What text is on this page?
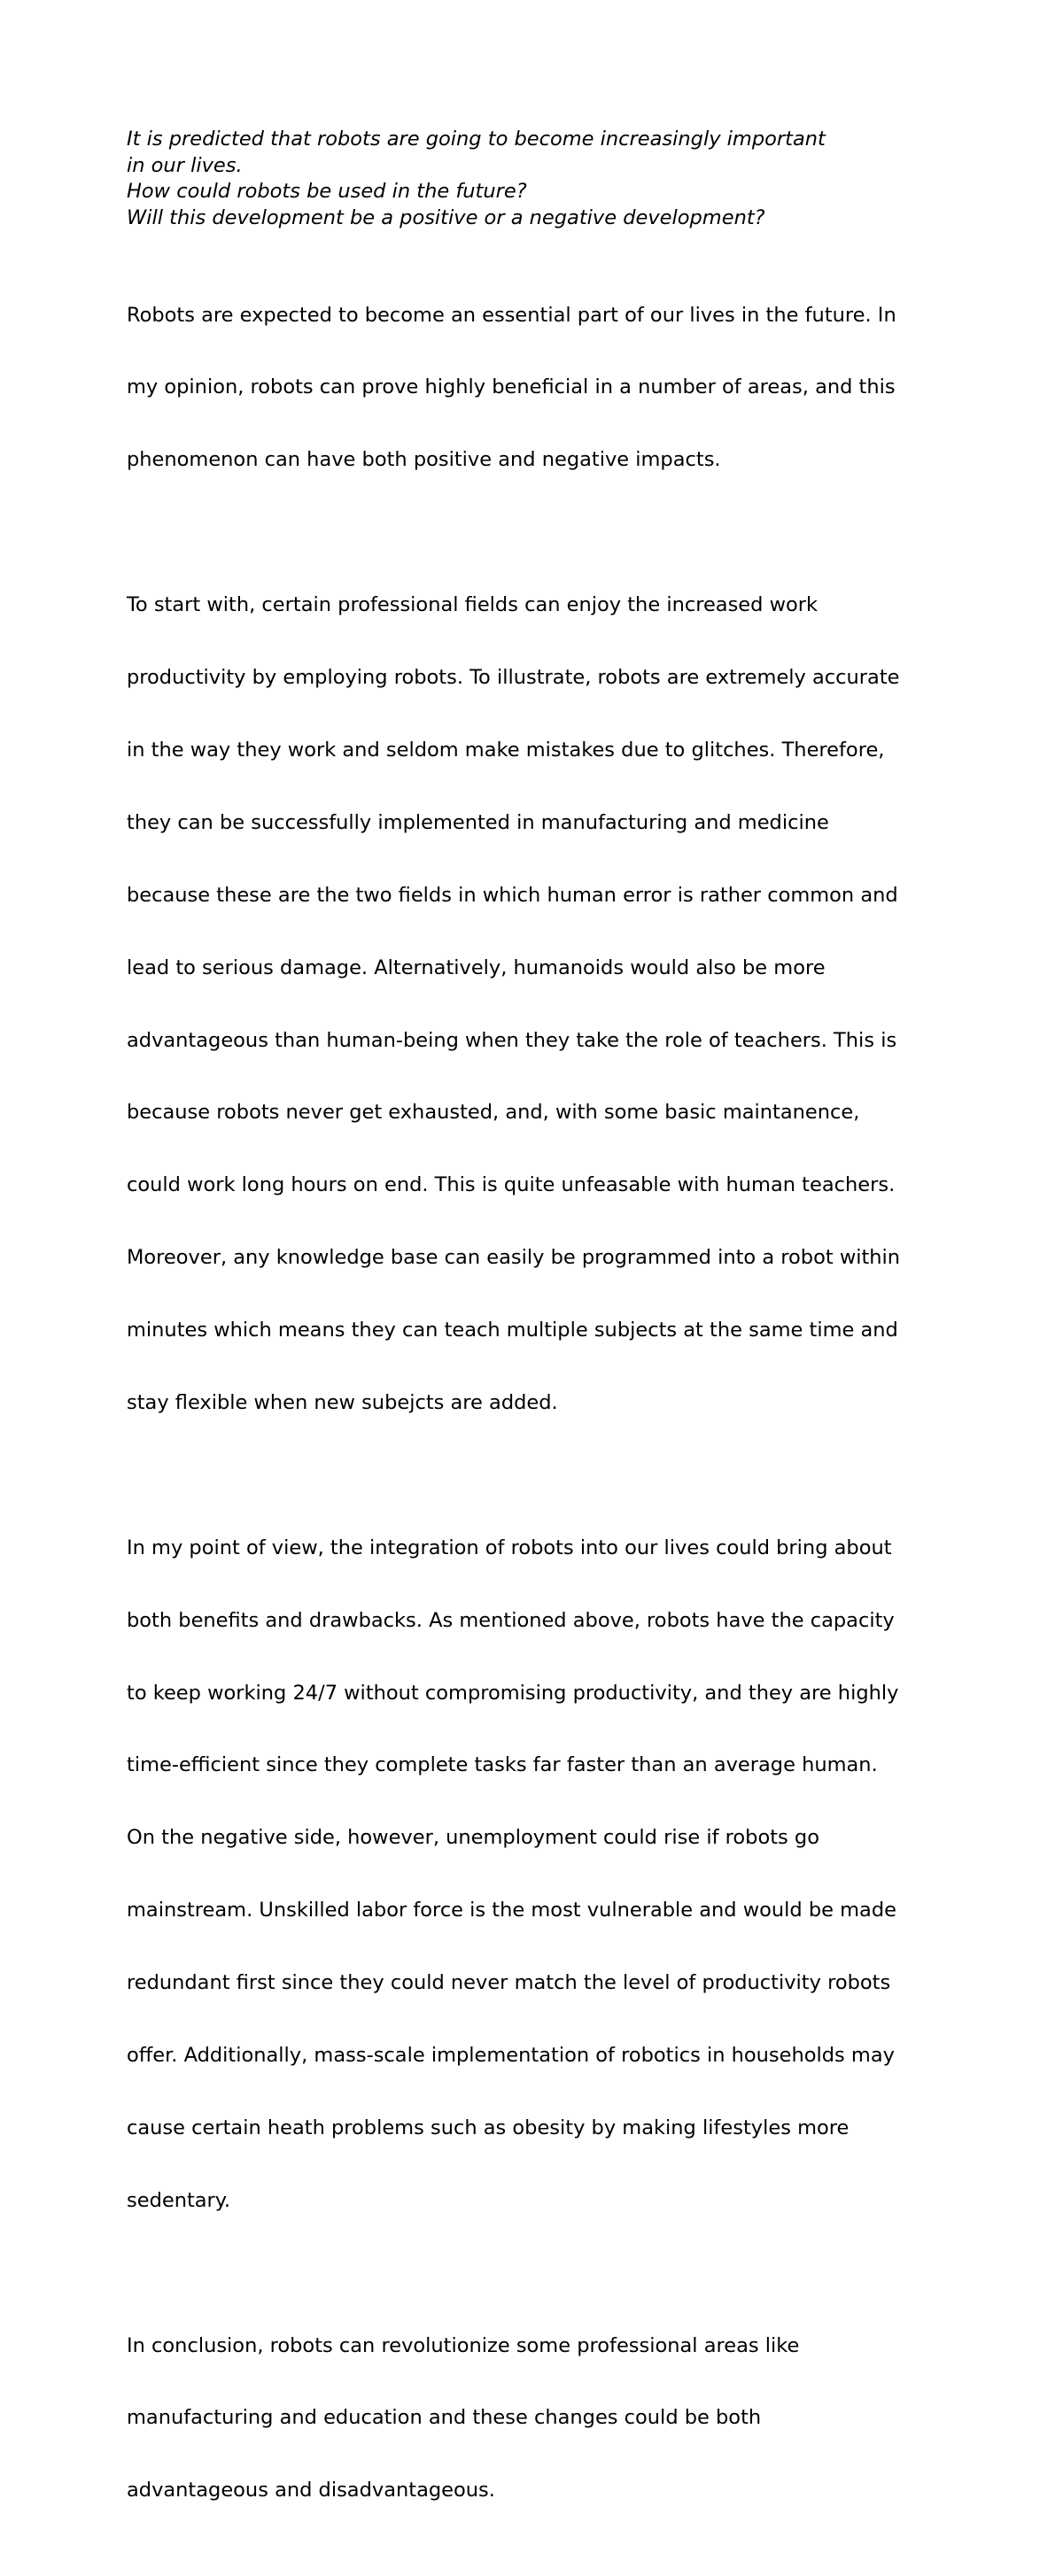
It is predicted that robots are going to become increasingly important

in our lives.

How could robots be used in the future?

Will this development be a positive or a negative development?

Robots are expected to become an essential part of our lives in the future. In

my opinion, robots can prove highly beneficial in a number of areas, and this

phenomenon can have both positive and negative impacts.

To start with, certain professional fields can enjoy the increased work

productivity by employing robots. To illustrate, robots are extremely accurate

in the way they work and seldom make mistakes due to glitches. Therefore,

they can be successfully implemented in manufacturing and medicine

because these are the two fields in which human error is rather common and

lead to serious damage. Alternatively, humanoids would also be more

advantageous than human-being when they take the role of teachers. This is

because robots never get exhausted, and, with some basic maintanence,

could work long hours on end. This is quite unfeasable with human teachers.

Moreover, any knowledge base can easily be programmed into a robot within

minutes which means they can teach multiple subjects at the same time and

stay flexible when new subejcts are added.

In my point of view, the integration of robots into our lives could bring about

both benefits and drawbacks. As mentioned above, robots have the capacity

to keep working 24/7 without compromising productivity, and they are highly

time-efficient since they complete tasks far faster than an average human.

On the negative side, however, unemployment could rise if robots go

mainstream. Unskilled labor force is the most vulnerable and would be made

redundant first since they could never match the level of productivity robots

offer. Additionally, mass-scale implementation of robotics in households may

cause certain heath problems such as obesity by making lifestyles more

sedentary.

In conclusion, robots can revolutionize some professional areas like

manufacturing and education and these changes could be both

advantageous and disadvantageous.
